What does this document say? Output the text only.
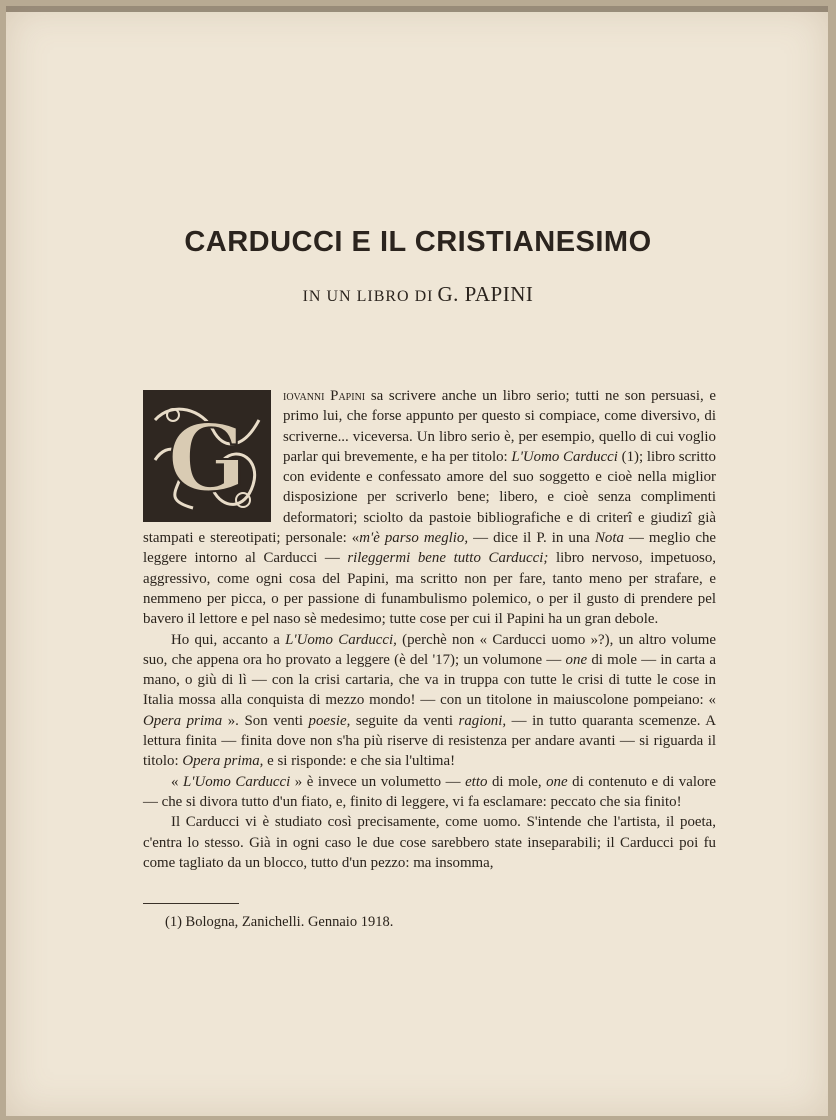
CARDUCCI E IL CRISTIANESIMO
IN UN LIBRO DI G. PAPINI
G

iovanni Papini sa scrivere anche un libro serio; tutti ne son persuasi, e primo lui, che forse appunto per questo si compiace, come diversivo, di scriverne... viceversa. Un libro serio è, per esempio, quello di cui voglio parlar qui brevemente, e ha per titolo: L'Uomo Carducci (1); libro scritto con evidente e confessato amore del suo soggetto e cioè nella miglior disposizione per scriverlo bene; libero, e cioè senza complimenti deformatori; sciolto da pastoie bibliografiche e di criterî e giudizî già stampati e stereotipati; personale: «m'è parso meglio, — dice il P. in una Nota — meglio che leggere intorno al Carducci — rileggermi bene tutto Carducci; libro nervoso, impetuoso, aggressivo, come ogni cosa del Papini, ma scritto non per fare, tanto meno per strafare, e nemmeno per picca, o per passione di funambulismo polemico, o per il gusto di prendere pel bavero il lettore e pel naso sè medesimo; tutte cose per cui il Papini ha un gran debole.

Ho qui, accanto a L'Uomo Carducci, (perchè non « Carducci uomo »?), un altro volume suo, che appena ora ho provato a leggere (è del '17); un volumone — one di mole — in carta a mano, o giù di lì — con la crisi cartaria, che va in truppa con tutte le crisi di tutte le cose in Italia mossa alla conquista di mezzo mondo! — con un titolone in maiuscolone pompeiano: « Opera prima ». Son venti poesie, seguite da venti ragioni, — in tutto quaranta scemenze. A lettura finita — finita dove non s'ha più riserve di resistenza per andare avanti — si riguarda il titolo: Opera prima, e si risponde: e che sia l'ultima!

« L'Uomo Carducci » è invece un volumetto — etto di mole, one di contenuto e di valore — che si divora tutto d'un fiato, e, finito di leggere, vi fa esclamare: peccato che sia finito!

Il Carducci vi è studiato così precisamente, come uomo. S'intende che l'artista, il poeta, c'entra lo stesso. Già in ogni caso le due cose sarebbero state inseparabili; il Carducci poi fu come tagliato da un blocco, tutto d'un pezzo: ma insomma,

(1) Bologna, Zanichelli. Gennaio 1918.
